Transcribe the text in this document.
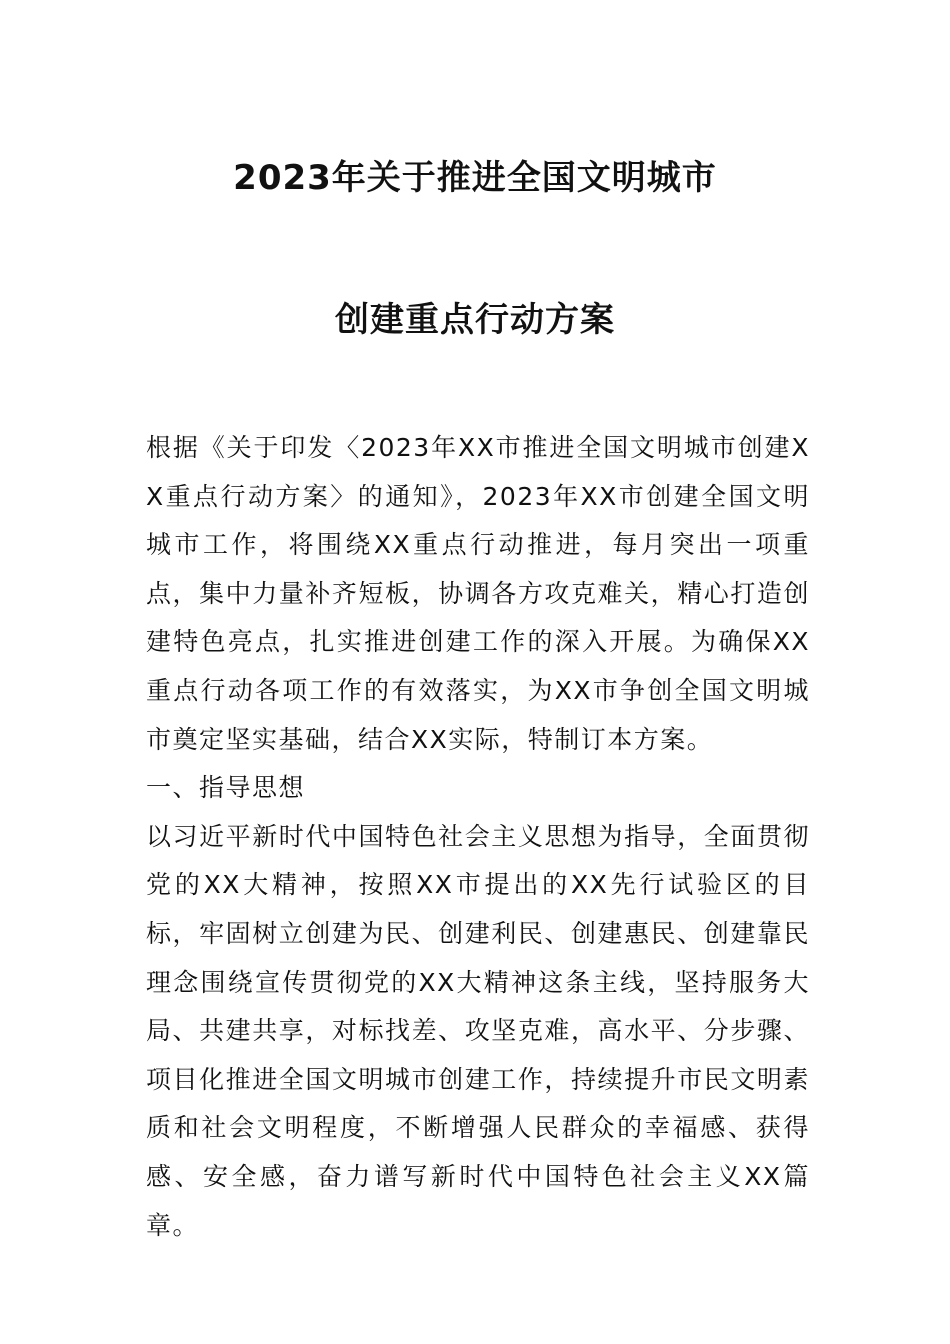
2023年关于推进全国文明城市
创建重点行动方案

根据《关于印发〈2023年XX市推进全国文明城市创建XX重点行动方案〉的通知》，2023年XX市创建全国文明城市工作，将围绕XX重点行动推进，每月突出一项重点，集中力量补齐短板，协调各方攻克难关，精心打造创建特色亮点，扎实推进创建工作的深入开展。为确保XX重点行动各项工作的有效落实，为XX市争创全国文明城市奠定坚实基础，结合XX实际，特制订本方案。

一、指导思想

以习近平新时代中国特色社会主义思想为指导，全面贯彻党的XX大精神，按照XX市提出的XX先行试验区的目标，牢固树立创建为民、创建利民、创建惠民、创建靠民理念围绕宣传贯彻党的XX大精神这条主线，坚持服务大局、共建共享，对标找差、攻坚克难，高水平、分步骤、项目化推进全国文明城市创建工作，持续提升市民文明素质和社会文明程度，不断增强人民群众的幸福感、获得感、安全感，奋力谱写新时代中国特色社会主义XX篇章。
